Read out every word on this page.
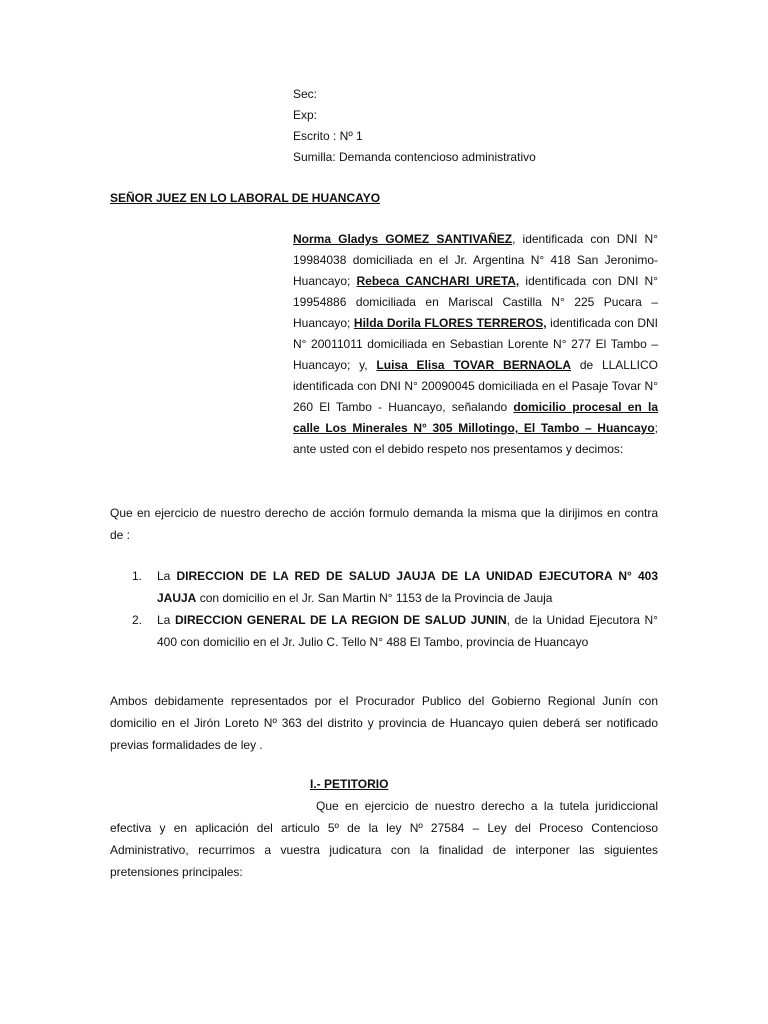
Sec:
Exp:
Escrito : Nº 1
Sumilla: Demanda contencioso administrativo
SEÑOR JUEZ EN LO LABORAL DE HUANCAYO
Norma Gladys GOMEZ SANTIVAÑEZ, identificada con DNI N° 19984038 domiciliada en el Jr. Argentina N° 418 San Jeronimo-Huancayo; Rebeca CANCHARI URETA, identificada con DNI N° 19954886 domiciliada en Mariscal Castilla N° 225 Pucara – Huancayo; Hilda Dorila FLORES TERREROS, identificada con DNI N° 20011011 domiciliada en Sebastian Lorente N° 277 El Tambo – Huancayo; y, Luisa Elisa TOVAR BERNAOLA de LLALLICO identificada con DNI N° 20090045 domiciliada en el Pasaje Tovar N° 260 El Tambo - Huancayo, señalando domicilio procesal en la calle Los Minerales N° 305 Millotingo, El Tambo – Huancayo; ante usted con el debido respeto nos presentamos y decimos:
Que en ejercicio de nuestro derecho de acción formulo demanda la misma que la dirijimos en contra de :
1. La DIRECCION DE LA RED DE SALUD JAUJA DE LA UNIDAD EJECUTORA N° 403 JAUJA con domicilio en el Jr. San Martin N° 1153 de la Provincia de Jauja
2. La DIRECCION GENERAL DE LA REGION DE SALUD JUNIN, de la Unidad Ejecutora N° 400 con domicilio en el Jr. Julio C. Tello N° 488 El Tambo, provincia de Huancayo
Ambos debidamente representados por el Procurador Publico del Gobierno Regional Junín con domicilio en el Jirón Loreto Nº 363 del distrito y provincia de Huancayo quien deberá ser notificado previas formalidades de ley .
I.- PETITORIO
Que en ejercicio de nuestro derecho a la tutela juridiccional efectiva y en aplicación del articulo 5º de la ley Nº 27584 – Ley del Proceso Contencioso Administrativo, recurrimos a vuestra judicatura con la finalidad de interponer las siguientes pretensiones principales:
